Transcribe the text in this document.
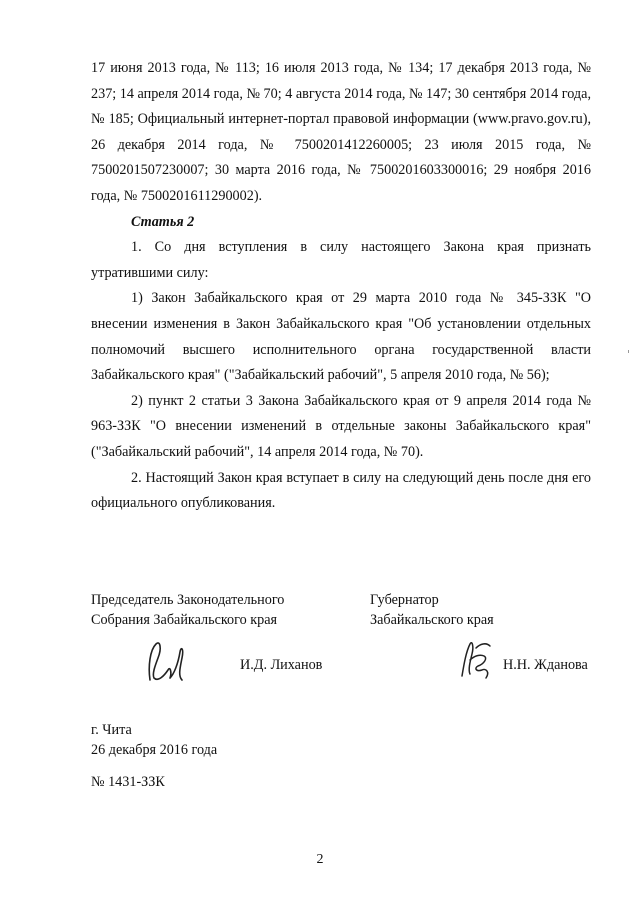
17 июня 2013 года, № 113; 16 июля 2013 года, № 134; 17 декабря 2013 года, № 237; 14 апреля 2014 года, № 70; 4 августа 2014 года, № 147; 30 сентября 2014 года, № 185; Официальный интернет-портал правовой информации (www.pravo.gov.ru), 26 декабря 2014 года, № 7500201412260005; 23 июля 2015 года, № 7500201507230007; 30 марта 2016 года, № 7500201603300016; 29 ноября 2016 года, № 7500201611290002).

Статья 2

1. Со дня вступления в силу настоящего Закона края признать утратившими силу:

1) Закон Забайкальского края от 29 марта 2010 года № 345-ЗЗК "О внесении изменения в Закон Забайкальского края "Об установлении отдельных полномочий высшего исполнительного органа государственной власти Забайкальского края" ("Забайкальский рабочий", 5 апреля 2010 года, № 56);

2) пункт 2 статьи 3 Закона Забайкальского края от 9 апреля 2014 года № 963-ЗЗК "О внесении изменений в отдельные законы Забайкальского края" ("Забайкальский рабочий", 14 апреля 2014 года, № 70).

2. Настоящий Закон края вступает в силу на следующий день после дня его официального опубликования.

Председатель Законодательного
Собрания Забайкальского края
Губернатор
Забайкальского края
И.Д. Лиханов	Н.Н. Жданова
г. Чита
26 декабря 2016 года
№ 1431-ЗЗК
2
